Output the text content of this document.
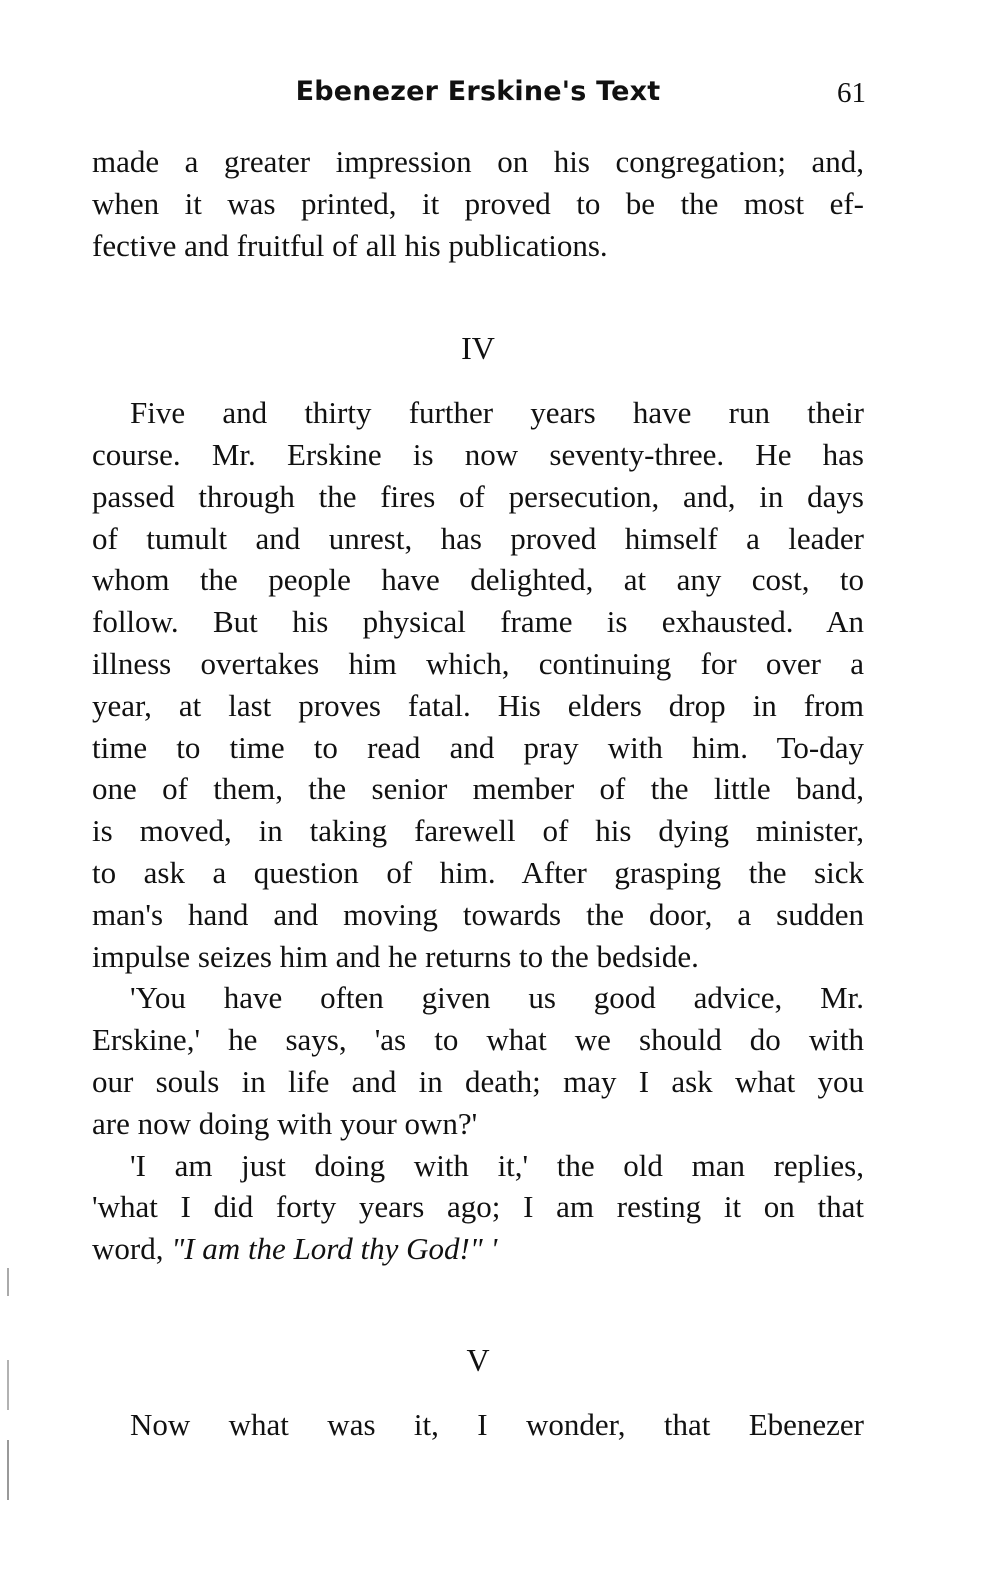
Ebenezer Erskine's Text	61
made a greater impression on his congregation; and,
when it was printed, it proved to be the most ef-
fective and fruitful of all his publications.
IV
Five and thirty further years have run their
course. Mr. Erskine is now seventy-three. He has
passed through the fires of persecution, and, in days
of tumult and unrest, has proved himself a leader
whom the people have delighted, at any cost, to
follow. But his physical frame is exhausted. An
illness overtakes him which, continuing for over a
year, at last proves fatal. His elders drop in from
time to time to read and pray with him. To-day
one of them, the senior member of the little band,
is moved, in taking farewell of his dying minister,
to ask a question of him. After grasping the sick
man's hand and moving towards the door, a sudden
impulse seizes him and he returns to the bedside.
'You have often given us good advice, Mr.
Erskine,' he says, 'as to what we should do with
our souls in life and in death; may I ask what you
are now doing with your own?'
'I am just doing with it,' the old man replies,
'what I did forty years ago; I am resting it on that
word, "I am the Lord thy God!" '
V
Now what was it, I wonder, that Ebenezer
